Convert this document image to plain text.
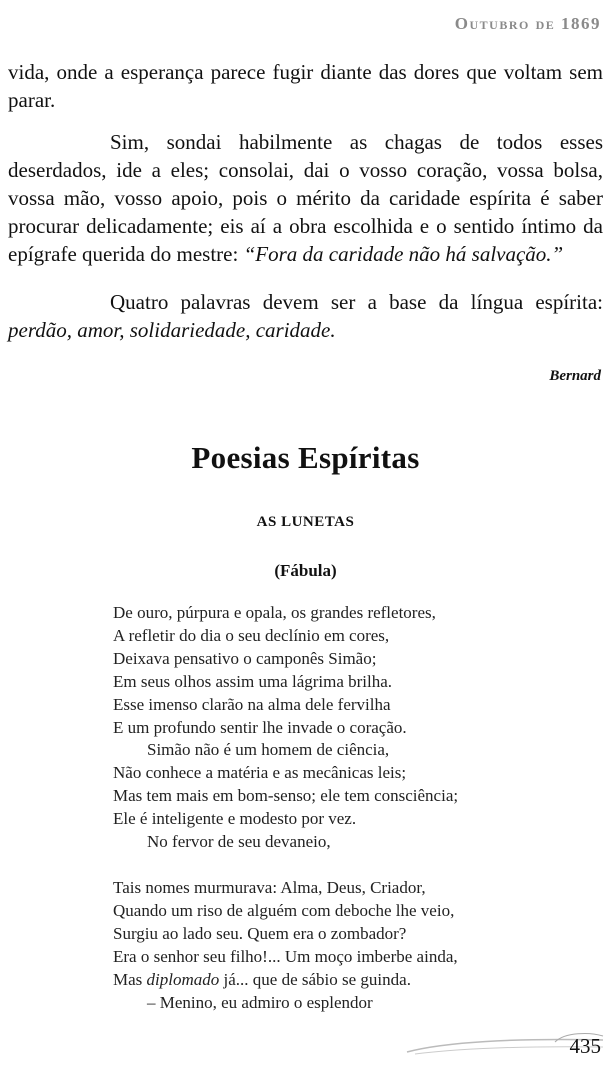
Outubro de 1869
vida, onde a esperança parece fugir diante das dores que voltam sem parar.
Sim, sondai habilmente as chagas de todos esses deserdados, ide a eles; consolai, dai o vosso coração, vossa bolsa, vossa mão, vosso apoio, pois o mérito da caridade espírita é saber procurar delicadamente; eis aí a obra escolhida e o sentido íntimo da epígrafe querida do mestre: “Fora da caridade não há salvação.”
Quatro palavras devem ser a base da língua espírita: perdão, amor, solidariedade, caridade.
Bernard
Poesias Espíritas
AS LUNETAS
(Fábula)
De ouro, púrpura e opala, os grandes refletores,
A refletir do dia o seu declínio em cores,
Deixava pensativo o camponês Simão;
Em seus olhos assim uma lágrima brilha.
Esse imenso clarão na alma dele fervilha
E um profundo sentir lhe invade o coração.
Simão não é um homem de ciência,
Não conhece a matéria e as mecânicas leis;
Mas tem mais em bom-senso; ele tem consciência;
Ele é inteligente e modesto por vez.
No fervor de seu devaneio,
Tais nomes murmurava: Alma, Deus, Criador,
Quando um riso de alguém com deboche lhe veio,
Surgiu ao lado seu. Quem era o zombador?
Era o senhor seu filho!... Um moço imberbe ainda,
Mas diplomado já... que de sábio se guinda.
– Menino, eu admiro o esplendor
435
